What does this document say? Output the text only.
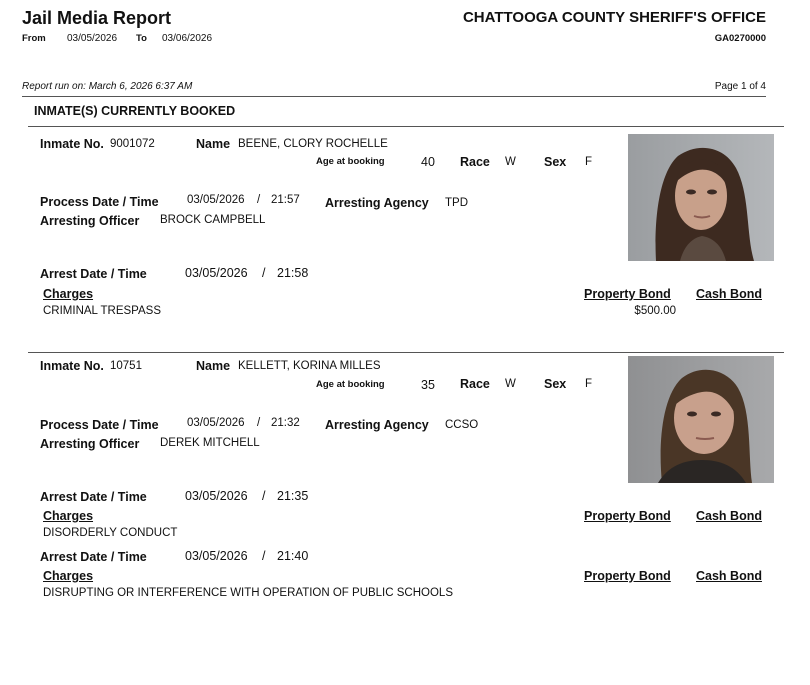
Jail Media Report
From 03/05/2026 To 03/06/2026
CHATTOOGA COUNTY SHERIFF'S OFFICE
GA0270000
Report run on: March 6, 2026 6:37 AM	Page 1 of 4
INMATE(S) CURRENTLY BOOKED
Inmate No. 9001072	Name BEENE, CLORY ROCHELLE
Age at booking	40 Race W Sex F
Process Date / Time 03/05/2026 / 21:57 Arresting Agency TPD
Arresting Officer BROCK CAMPBELL
Arrest Date / Time	03/05/2026 / 21:58
Charges	Property Bond Cash Bond
CRIMINAL TRESPASS	$500.00
Inmate No. 10751	Name KELLETT, KORINA MILLES
Age at booking	35 Race W Sex F
Process Date / Time 03/05/2026 / 21:32 Arresting Agency CCSO
Arresting Officer DEREK MITCHELL
Arrest Date / Time	03/05/2026 / 21:35
Charges	Property Bond Cash Bond
DISORDERLY CONDUCT
Arrest Date / Time	03/05/2026 / 21:40
Charges	Property Bond Cash Bond
DISRUPTING OR INTERFERENCE WITH OPERATION OF PUBLIC SCHOOLS
